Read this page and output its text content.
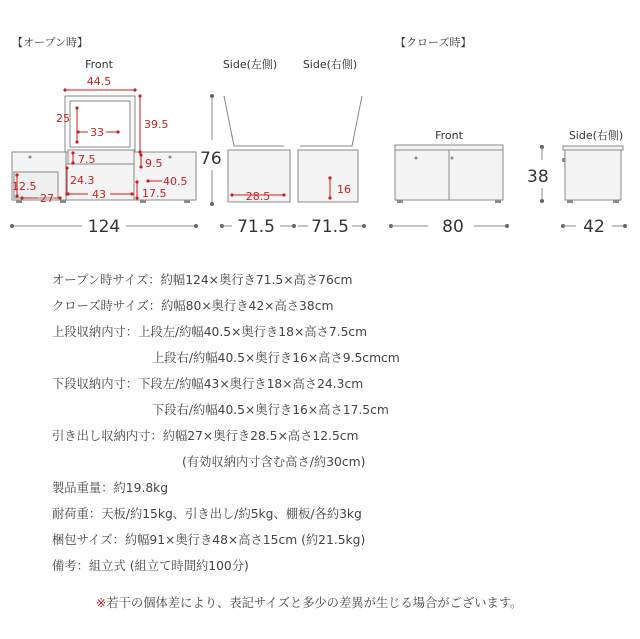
【オープン時】	【クローズ時】
Front
44.5
39.5
25
33
7.5	9.5
24.3
43
40.5
17.5
12.5
27
124
Side(左側) Side(右側)
28.5
76
16
71.5 71.5
Front
80
38
Side(右側)
42
オープン時サイズ：約幅124×奥行き71.5×高さ76cm
クローズ時サイズ：約幅80×奥行き42×高さ38cm
上段収納内寸：上段左/約幅40.5×奥行き18×高さ7.5cm
上段右/約幅40.5×奥行き16×高さ9.5cmcm
下段収納内寸：下段左/約幅43×奥行き18×高さ24.3cm
下段右/約幅40.5×奥行き16×高さ17.5cm
引き出し収納内寸：約幅27×奥行き28.5×高さ12.5cm
(有効収納内寸含む高さ/約30cm)
製品重量：約19.8kg
耐荷重：天板/約15kg、引き出し/約5kg、棚板/各約3kg
梱包サイズ：約幅91×奥行き48×高さ15cm (約21.5kg)
備考：組立式 (組立て時間約100分)
※若干の個体差により、表記サイズと多少の差異が生じる場合がございます。
